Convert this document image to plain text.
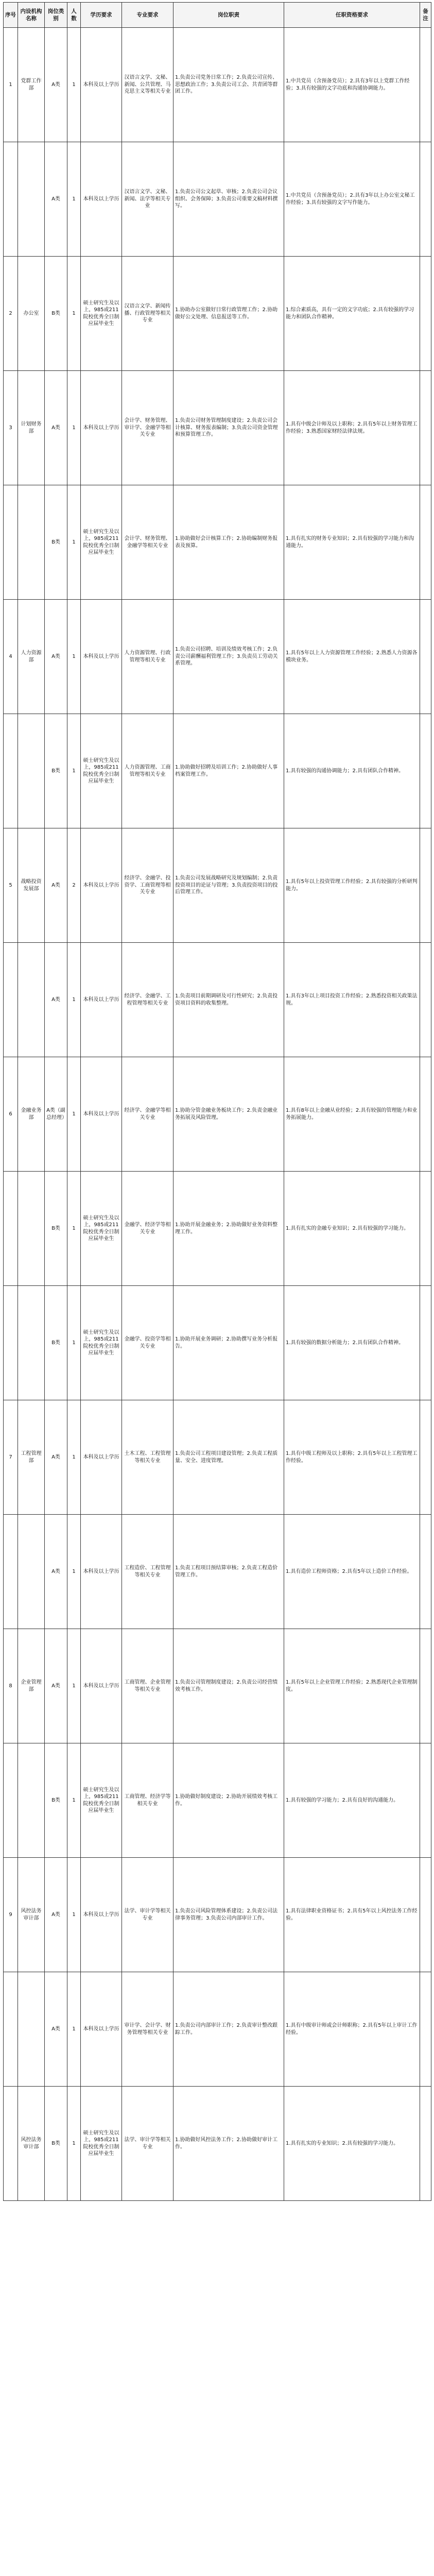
序号	内设机构名称	岗位类别	人数	学历要求	专业要求	岗位职责	任职资格要求	备注
1	党群工作部	A类	1	本科及以上学历	汉语言文学、文秘、新闻、公共管理、马克思主义等相关专业	1.负责公司党务日常工作；2.负责公司宣传、思想政治工作；3.负责公司工会、共青团等群团工作。	1.中共党员（含预备党员）；2.具有3年以上党群工作经验；3.具有较强的文字功底和沟通协调能力。	
		A类	1	本科及以上学历	汉语言文学、文秘、新闻、法学等相关专业	1.负责公司公文起草、审核；2.负责公司会议组织、会务保障；3.负责公司重要文稿材料撰写。	1.中共党员（含预备党员）；2.具有3年以上办公室文秘工作经验；3.具有较强的文字写作能力。	
2	办公室	B类	1	硕士研究生及以上，985或211院校优秀全日制应届毕业生	汉语言文学、新闻传播、行政管理等相关专业	1.协助办公室做好日常行政管理工作；2.协助做好公文处理、信息报送等工作。	1.综合素质高，具有一定的文字功底；2.具有较强的学习能力和团队合作精神。	
3	计划财务部	A类	1	本科及以上学历	会计学、财务管理、审计学、金融学等相关专业	1.负责公司财务管理制度建设；2.负责公司会计核算、财务报表编制；3.负责公司资金管理和预算管理工作。	1.具有中级会计师及以上职称；2.具有5年以上财务管理工作经验；3.熟悉国家财经法律法规。	
		B类	1	硕士研究生及以上，985或211院校优秀全日制应届毕业生	会计学、财务管理、金融学等相关专业	1.协助做好会计核算工作；2.协助编制财务报表及预算。	1.具有扎实的财务专业知识；2.具有较强的学习能力和沟通能力。	
4	人力资源部	A类	1	本科及以上学历	人力资源管理、行政管理等相关专业	1.负责公司招聘、培训及绩效考核工作；2.负责公司薪酬福利管理工作；3.负责员工劳动关系管理。	1.具有5年以上人力资源管理工作经验；2.熟悉人力资源各模块业务。	
		B类	1	硕士研究生及以上，985或211院校优秀全日制应届毕业生	人力资源管理、工商管理等相关专业	1.协助做好招聘及培训工作；2.协助做好人事档案管理工作。	1.具有较强的沟通协调能力；2.具有团队合作精神。	
5	战略投资发展部	A类	2	本科及以上学历	经济学、金融学、投资学、工商管理等相关专业	1.负责公司发展战略研究及规划编制；2.负责投资项目的论证与管理；3.负责投资项目的投后管理工作。	1.具有5年以上投资管理工作经验；2.具有较强的分析研判能力。	
		A类	1	本科及以上学历	经济学、金融学、工程管理等相关专业	1.负责项目前期调研及可行性研究；2.负责投资项目资料的收集整理。	1.具有3年以上项目投资工作经验；2.熟悉投资相关政策法规。	
6	金融业务部	A类（副总经理）	1	本科及以上学历	经济学、金融学等相关专业	1.协助分管金融业务板块工作；2.负责金融业务拓展及风险管理。	1.具有8年以上金融从业经验；2.具有较强的管理能力和业务拓展能力。	
		B类	1	硕士研究生及以上，985或211院校优秀全日制应届毕业生	金融学、经济学等相关专业	1.协助开展金融业务；2.协助做好业务资料整理工作。	1.具有扎实的金融专业知识；2.具有较强的学习能力。	
		B类	1	硕士研究生及以上，985或211院校优秀全日制应届毕业生	金融学、投资学等相关专业	1.协助开展业务调研；2.协助撰写业务分析报告。	1.具有较强的数据分析能力；2.具有团队合作精神。	
7	工程管理部	A类	1	本科及以上学历	土木工程、工程管理等相关专业	1.负责公司工程项目建设管理；2.负责工程质量、安全、进度管理。	1.具有中级工程师及以上职称；2.具有5年以上工程管理工作经验。	
		A类	1	本科及以上学历	工程造价、工程管理等相关专业	1.负责工程项目预结算审核；2.负责工程造价管理工作。	1.具有造价工程师资格；2.具有5年以上造价工作经验。	
8	企业管理部	A类	1	本科及以上学历	工商管理、企业管理等相关专业	1.负责公司管理制度建设；2.负责公司经营绩效考核工作。	1.具有5年以上企业管理工作经验；2.熟悉现代企业管理制度。	
		B类	1	硕士研究生及以上，985或211院校优秀全日制应届毕业生	工商管理、经济学等相关专业	1.协助做好制度建设；2.协助开展绩效考核工作。	1.具有较强的学习能力；2.具有良好的沟通能力。	
9	风控法务审计部	A类	1	本科及以上学历	法学、审计学等相关专业	1.负责公司风险管理体系建设；2.负责公司法律事务管理；3.负责公司内部审计工作。	1.具有法律职业资格证书；2.具有5年以上风控法务工作经验。	
		A类	1	本科及以上学历	审计学、会计学、财务管理等相关专业	1.负责公司内部审计工作；2.负责审计整改跟踪工作。	1.具有中级审计师或会计师职称；2.具有5年以上审计工作经验。	
	风控法务审计部	B类	1	硕士研究生及以上，985或211院校优秀全日制应届毕业生	法学、审计学等相关专业	1.协助做好风控法务工作；2.协助做好审计工作。	1.具有扎实的专业知识；2.具有较强的学习能力。	
